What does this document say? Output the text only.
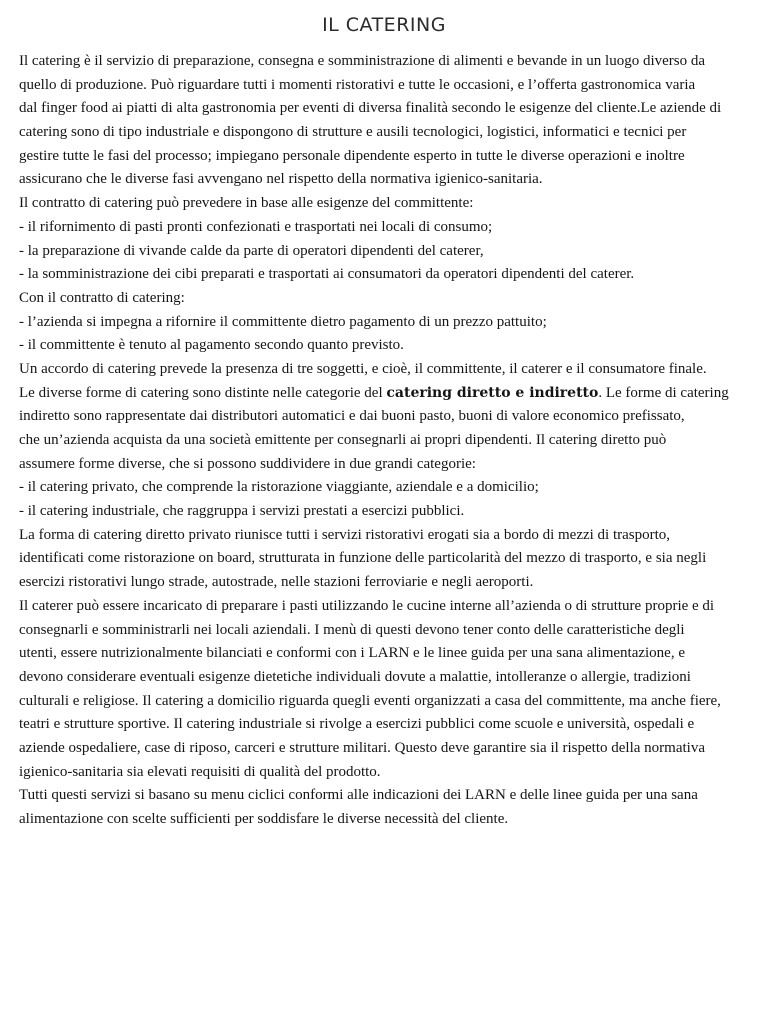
IL CATERING
Il catering è il servizio di preparazione, consegna e somministrazione di alimenti e bevande in un luogo diverso da
quello di produzione. Può riguardare tutti i momenti ristorativi e tutte le occasioni, e l’offerta gastronomica varia
dal finger food ai piatti di alta gastronomia per eventi di diversa finalità secondo le esigenze del cliente.Le aziende di
catering sono di tipo industriale e dispongono di strutture e ausili tecnologici, logistici, informatici e tecnici per
gestire tutte le fasi del processo; impiegano personale dipendente esperto in tutte le diverse operazioni e inoltre
assicurano che le diverse fasi avvengano nel rispetto della normativa igienico-sanitaria.
Il contratto di catering può prevedere in base alle esigenze del committente:
- il rifornimento di pasti pronti confezionati e trasportati nei locali di consumo;
- la preparazione di vivande calde da parte di operatori dipendenti del caterer,
- la somministrazione dei cibi preparati e trasportati ai consumatori da operatori dipendenti del caterer.
Con il contratto di catering:
- l’azienda si impegna a rifornire il committente dietro pagamento di un prezzo pattuito;
- il committente è tenuto al pagamento secondo quanto previsto.
Un accordo di catering prevede la presenza di tre soggetti, e cioè, il committente, il caterer e il consumatore finale.
Le diverse forme di catering sono distinte nelle categorie del catering diretto e indiretto. Le forme di catering
indiretto sono rappresentate dai distributori automatici e dai buoni pasto, buoni di valore economico prefissato,
che un’azienda acquista da una società emittente per consegnarli ai propri dipendenti. Il catering diretto può
assumere forme diverse, che si possono suddividere in due grandi categorie:
- il catering privato, che comprende la ristorazione viaggiante, aziendale e a domicilio;
- il catering industriale, che raggruppa i servizi prestati a esercizi pubblici.
La forma di catering diretto privato riunisce tutti i servizi ristorativi erogati sia a bordo di mezzi di trasporto,
identificati come ristorazione on board, strutturata in funzione delle particolarità del mezzo di trasporto, e sia negli
esercizi ristorativi lungo strade, autostrade, nelle stazioni ferroviarie e negli aeroporti.
Il caterer può essere incaricato di preparare i pasti utilizzando le cucine interne all’azienda o di strutture proprie e di
consegnarli e somministrarli nei locali aziendali. I menù di questi devono tener conto delle caratteristiche degli
utenti, essere nutrizionalmente bilanciati e conformi con i LARN e le linee guida per una sana alimentazione, e
devono considerare eventuali esigenze dietetiche individuali dovute a malattie, intolleranze o allergie, tradizioni
culturali e religiose. Il catering a domicilio riguarda quegli eventi organizzati a casa del committente, ma anche fiere,
teatri e strutture sportive. Il catering industriale si rivolge a esercizi pubblici come scuole e università, ospedali e
aziende ospedaliere, case di riposo, carceri e strutture militari. Questo deve garantire sia il rispetto della normativa
igienico-sanitaria sia elevati requisiti di qualità del prodotto.
Tutti questi servizi si basano su menu ciclici conformi alle indicazioni dei LARN e delle linee guida per una sana
alimentazione con scelte sufficienti per soddisfare le diverse necessità del cliente.
